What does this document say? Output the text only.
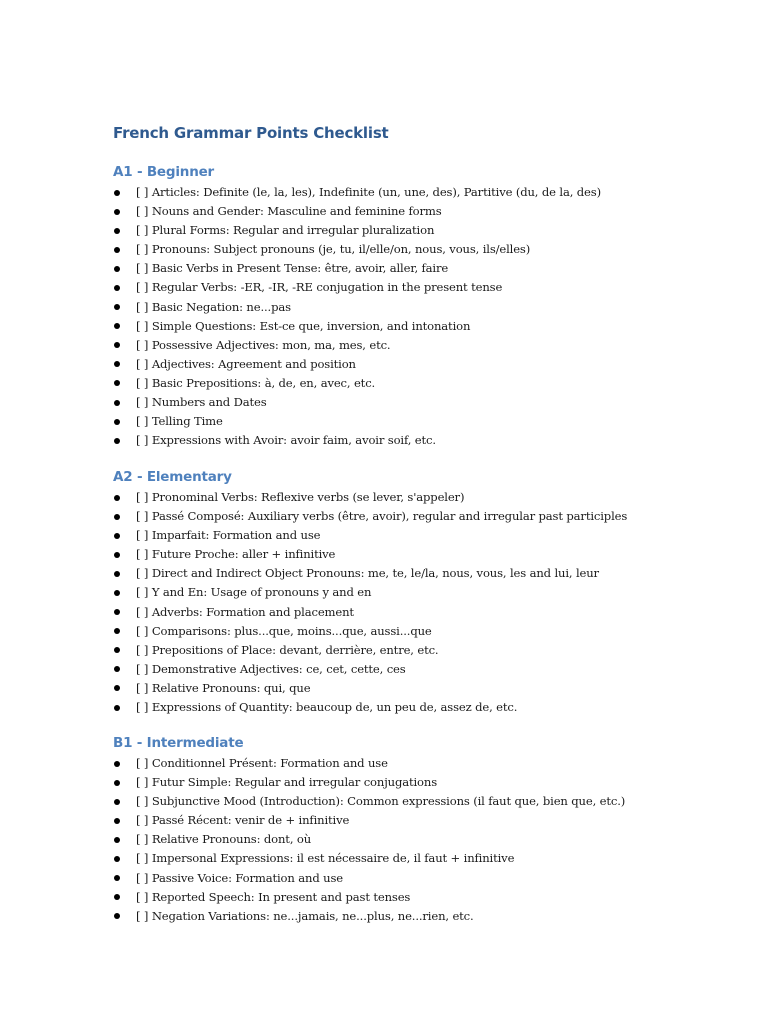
French Grammar Points Checklist
A1 - Beginner
[ ] Articles: Definite (le, la, les), Indefinite (un, une, des), Partitive (du, de la, des)
[ ] Nouns and Gender: Masculine and feminine forms
[ ] Plural Forms: Regular and irregular pluralization
[ ] Pronouns: Subject pronouns (je, tu, il/elle/on, nous, vous, ils/elles)
[ ] Basic Verbs in Present Tense: être, avoir, aller, faire
[ ] Regular Verbs: -ER, -IR, -RE conjugation in the present tense
[ ] Basic Negation: ne...pas
[ ] Simple Questions: Est-ce que, inversion, and intonation
[ ] Possessive Adjectives: mon, ma, mes, etc.
[ ] Adjectives: Agreement and position
[ ] Basic Prepositions: à, de, en, avec, etc.
[ ] Numbers and Dates
[ ] Telling Time
[ ] Expressions with Avoir: avoir faim, avoir soif, etc.
A2 - Elementary
[ ] Pronominal Verbs: Reflexive verbs (se lever, s'appeler)
[ ] Passé Composé: Auxiliary verbs (être, avoir), regular and irregular past participles
[ ] Imparfait: Formation and use
[ ] Future Proche: aller + infinitive
[ ] Direct and Indirect Object Pronouns: me, te, le/la, nous, vous, les and lui, leur
[ ] Y and En: Usage of pronouns y and en
[ ] Adverbs: Formation and placement
[ ] Comparisons: plus...que, moins...que, aussi...que
[ ] Prepositions of Place: devant, derrière, entre, etc.
[ ] Demonstrative Adjectives: ce, cet, cette, ces
[ ] Relative Pronouns: qui, que
[ ] Expressions of Quantity: beaucoup de, un peu de, assez de, etc.
B1 - Intermediate
[ ] Conditionnel Présent: Formation and use
[ ] Futur Simple: Regular and irregular conjugations
[ ] Subjunctive Mood (Introduction): Common expressions (il faut que, bien que, etc.)
[ ] Passé Récent: venir de + infinitive
[ ] Relative Pronouns: dont, où
[ ] Impersonal Expressions: il est nécessaire de, il faut + infinitive
[ ] Passive Voice: Formation and use
[ ] Reported Speech: In present and past tenses
[ ] Negation Variations: ne...jamais, ne...plus, ne...rien, etc.
